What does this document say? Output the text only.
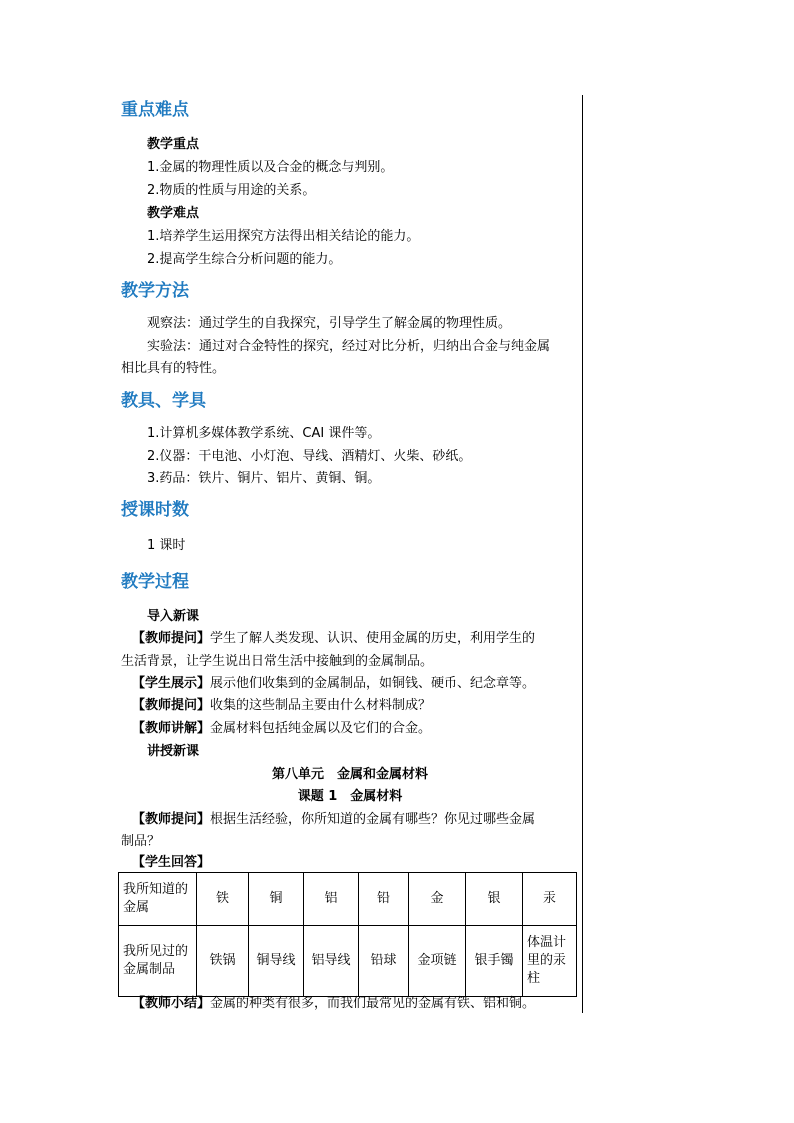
重点难点
教学重点
1.金属的物理性质以及合金的概念与判别。
2.物质的性质与用途的关系。
教学难点
1.培养学生运用探究方法得出相关结论的能力。
2.提高学生综合分析问题的能力。
教学方法
观察法：通过学生的自我探究，引导学生了解金属的物理性质。
实验法：通过对合金特性的探究，经过对比分析，归纳出合金与纯金属
相比具有的特性。
教具、学具
1.计算机多媒体教学系统、CAI 课件等。
2.仪器：干电池、小灯泡、导线、酒精灯、火柴、砂纸。
3.药品：铁片、铜片、铝片、黄铜、铜。
授课时数
1 课时
教学过程
导入新课
【教师提问】学生了解人类发现、认识、使用金属的历史，利用学生的
生活背景，让学生说出日常生活中接触到的金属制品。
【学生展示】展示他们收集到的金属制品，如铜钱、硬币、纪念章等。
【教师提问】收集的这些制品主要由什么材料制成？
【教师讲解】金属材料包括纯金属以及它们的合金。
讲授新课
第八单元　金属和金属材料
课题 1　金属材料
【教师提问】根据生活经验，你所知道的金属有哪些？你见过哪些金属
制品？
【学生回答】
我所知道的金属	铁	铜	铝	铅	金	银	汞
我所见过的金属制品	铁锅	铜导线	铝导线	铅球	金项链	银手镯	体温计里的汞柱
【教师小结】金属的种类有很多，而我们最常见的金属有铁、铝和铜。
